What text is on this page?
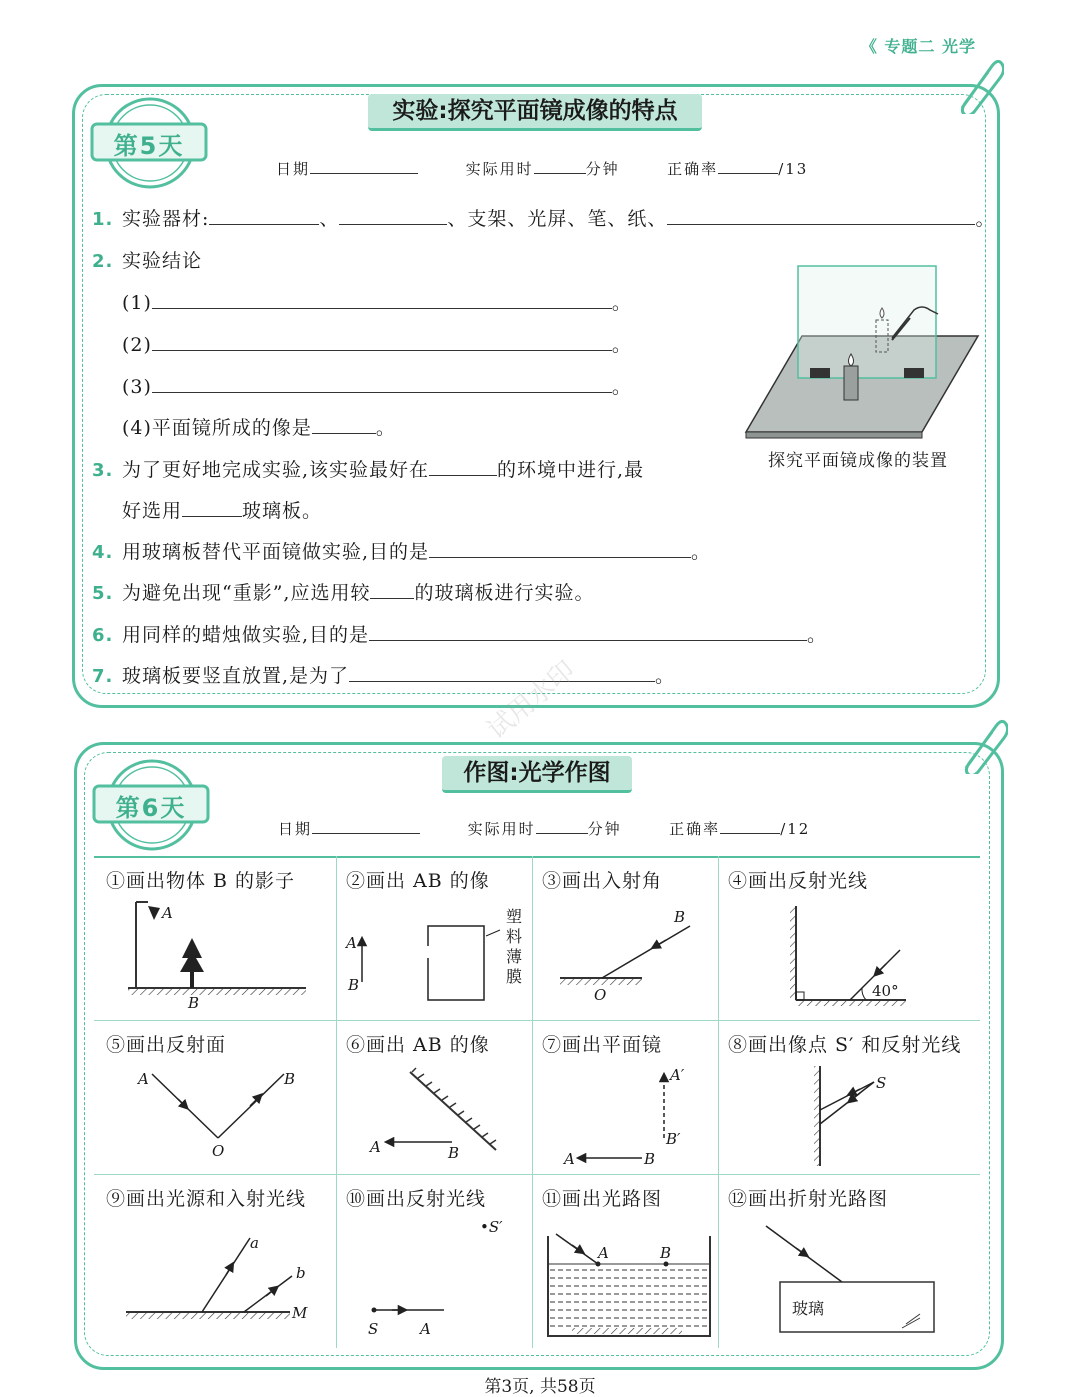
《 专题二 光学
实验:探究平面镜成像的特点
第5天
日期	实际用时	分钟	正确率	/13
1. 实验器材:	、	、支架、光屏、笔、纸、	。
2. 实验结论
(1)	。
(2)	。
(3)	。
(4)平面镜所成的像是	。
3. 为了更好地完成实验,该实验最好在	的环境中进行,最
好选用	玻璃板。
4. 用玻璃板替代平面镜做实验,目的是	。
5. 为避免出现“重影”,应选用较 的玻璃板进行实验。
6. 用同样的蜡烛做实验,目的是	。
7. 玻璃板要竖直放置,是为了	。
探究平面镜成像的装置
试用水印
作图:光学作图
第6天
日期	实际用时	分钟	正确率	/12
①画出物体 B 的影子	②画出 AB 的像	③画出入射角	④画出反射光线
⑤画出反射面	⑥画出 AB 的像	⑦画出平面镜	⑧画出像点 S′ 和反射光线
⑨画出光源和入射光线 ⑩画出反射光线	⑪画出光路图	⑫画出折射光路图
A
B
A
B
塑
料
薄
膜
B
O	40°
A	B
O	A	B
A′
B′
A	B
S
a
b
M
•S′
S	A
A	B
玻璃
第3页, 共58页
